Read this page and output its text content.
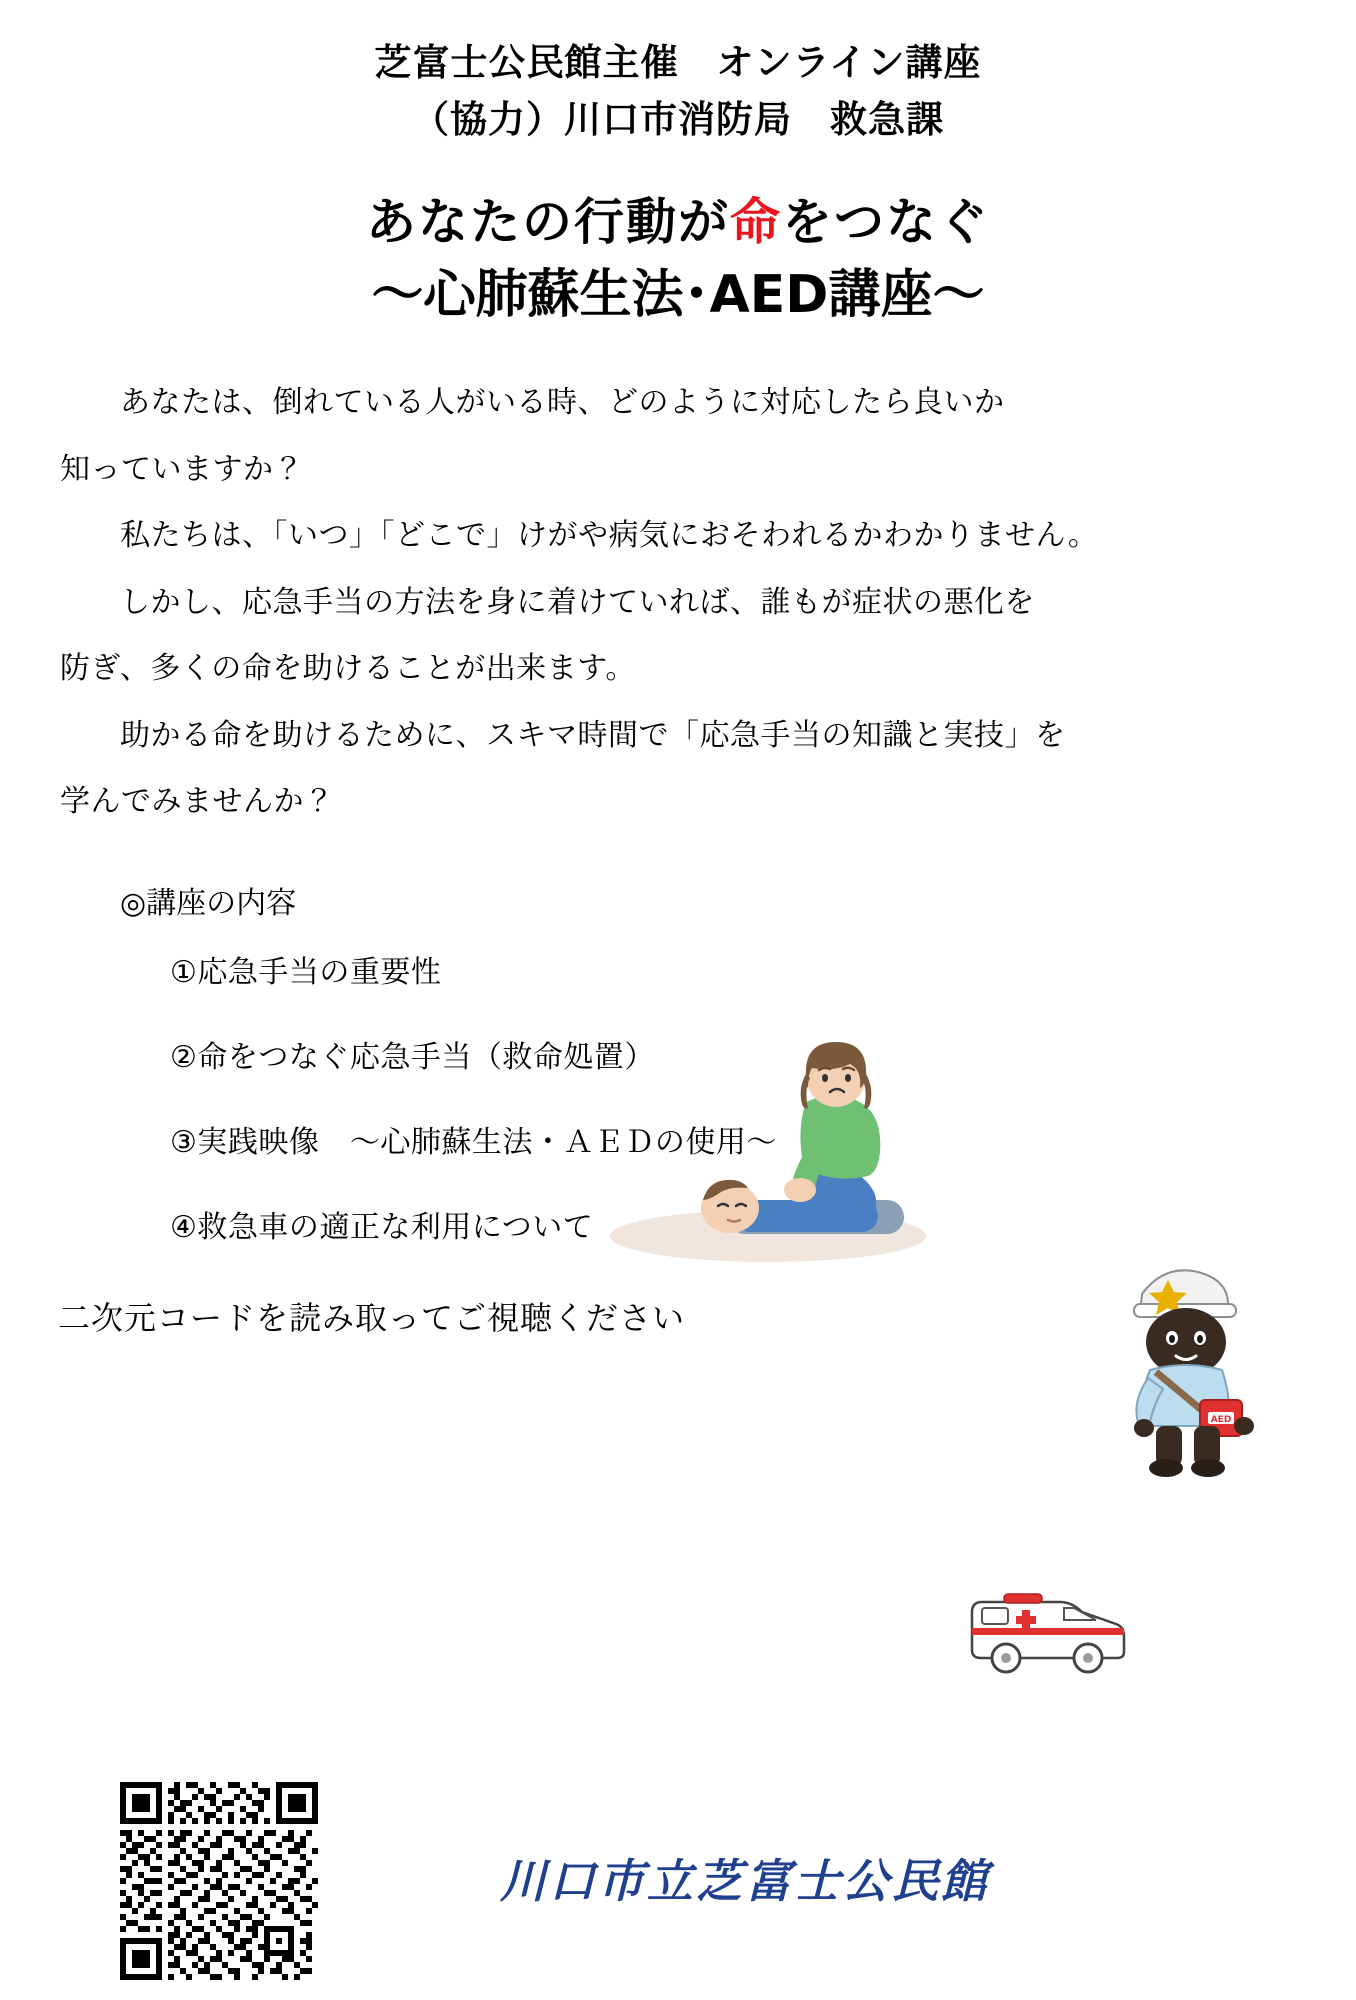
芝富士公民館主催　オンライン講座
（協力）川口市消防局　救急課
あなたの行動が命をつなぐ
～心肺蘇生法･AED講座～

あなたは、倒れている人がいる時、どのように対応したら良いか

知っていますか？

私たちは、「いつ」「どこで」けがや病気におそわれるかわかりません。

しかし、応急手当の方法を身に着けていれば、誰もが症状の悪化を

防ぎ、多くの命を助けることが出来ます。

助かる命を助けるために、スキマ時間で「応急手当の知識と実技」を

学んでみませんか？

◎講座の内容
①応急手当の重要性
②命をつなぐ応急手当（救命処置）
③実践映像　～心肺蘇生法・ＡＥＤの使用～
④救急車の適正な利用について
AED
二次元コードを読み取ってご視聴ください
川口市立芝富士公民館
